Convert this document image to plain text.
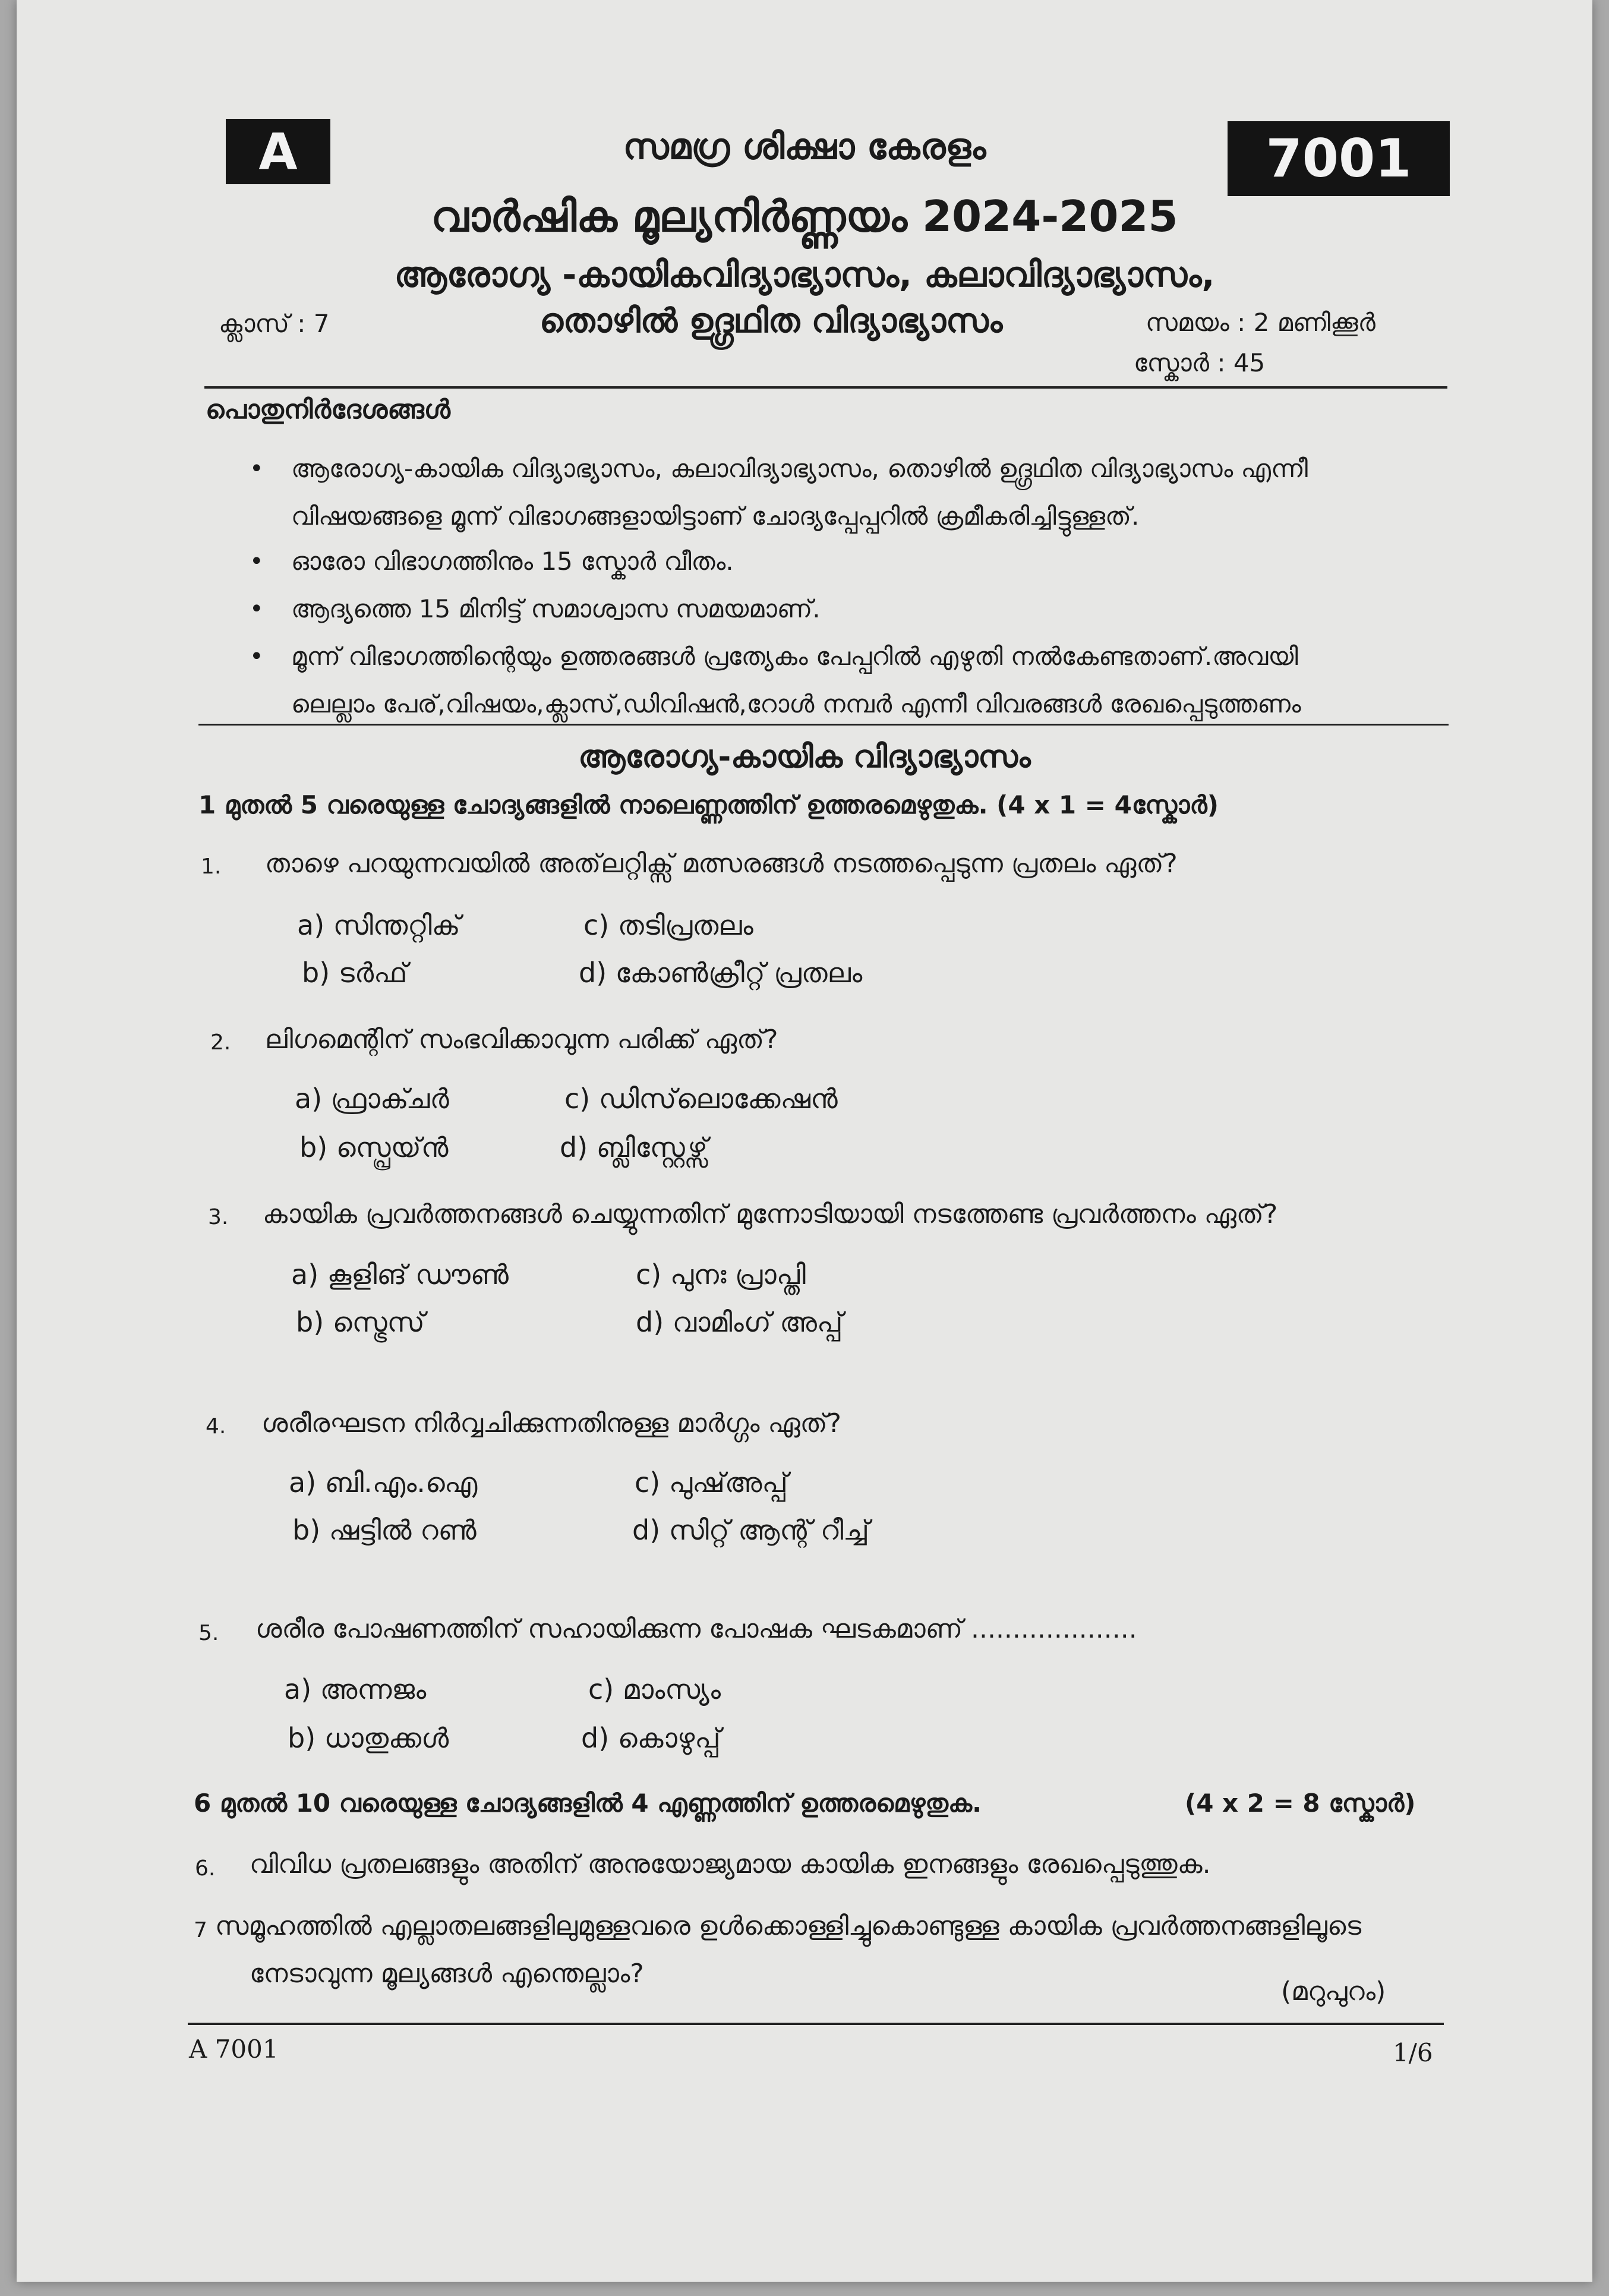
A	7001
സമഗ്ര ശിക്ഷാ കേരളം
വാർഷിക മൂല്യനിർണ്ണയം 2024-2025
ആരോഗ്യ -കായികവിദ്യാഭ്യാസം, കലാവിദ്യാഭ്യാസം,
തൊഴിൽ ഉദ്ഗ്രഥിത വിദ്യാഭ്യാസം
ക്ലാസ് : 7	സമയം : 2 മണിക്കൂർ
സ്കോർ : 45
പൊതുനിർദേശങ്ങൾ
• ആരോഗ്യ-കായിക വിദ്യാഭ്യാസം, കലാവിദ്യാഭ്യാസം, തൊഴിൽ ഉദ്ഗ്രഥിത വിദ്യാഭ്യാസം എന്നീ
വിഷയങ്ങളെ മൂന്ന് വിഭാഗങ്ങളായിട്ടാണ് ചോദ്യപ്പേപ്പറിൽ ക്രമീകരിച്ചിട്ടുള്ളത്.
• ഓരോ വിഭാഗത്തിനും 15 സ്കോർ വീതം.
• ആദ്യത്തെ 15 മിനിട്ട് സമാശ്വാസ സമയമാണ്.
• മൂന്ന് വിഭാഗത്തിന്റെയും ഉത്തരങ്ങൾ പ്രത്യേകം പേപ്പറിൽ എഴുതി നൽകേണ്ടതാണ്.അവയി
ലെല്ലാം പേര്,വിഷയം,ക്ലാസ്,ഡിവിഷൻ,റോൾ നമ്പർ എന്നീ വിവരങ്ങൾ രേഖപ്പെടുത്തണം
ആരോഗ്യ-കായിക വിദ്യാഭ്യാസം
1 മുതൽ 5 വരെയുള്ള ചോദ്യങ്ങളിൽ നാലെണ്ണത്തിന് ഉത്തരമെഴുതുക. (4 x 1 = 4സ്കോർ)
1. താഴെ പറയുന്നവയിൽ അത്‌ലറ്റിക്സ് മത്സരങ്ങൾ നടത്തപ്പെടുന്ന പ്രതലം ഏത്?
a) സിന്തറ്റിക്	c) തടിപ്രതലം
b) ടർഫ്	d) കോൺക്രീറ്റ് പ്രതലം
2. ലിഗമെന്റിന് സംഭവിക്കാവുന്ന പരിക്ക് ഏത്?
a) ഫ്രാക്ചർ	c) ഡിസ്‌ലൊക്കേഷൻ
b) സ്പ്രെയ്ൻ	d) ബ്ലിസ്റ്റേഴ്സ്
3. കായിക പ്രവർത്തനങ്ങൾ ചെയ്യുന്നതിന് മുന്നോടിയായി നടത്തേണ്ട പ്രവർത്തനം ഏത്?
a) കൂളിങ് ഡൗൺ	c) പുനഃ പ്രാപ്തി
b) സ്ട്രെസ്	d) വാമിംഗ് അപ്പ്
4. ശരീരഘടന നിർവ്വചിക്കുന്നതിനുള്ള മാർഗ്ഗം ഏത്?
a) ബി.എം.ഐ	c) പുഷ്അപ്പ്
b) ഷട്ടിൽ റൺ	d) സിറ്റ് ആന്റ് റീച്ച്
5. ശരീര പോഷണത്തിന് സഹായിക്കുന്ന പോഷക ഘടകമാണ് ....................
a) അന്നജം	c) മാംസ്യം
b) ധാതുക്കൾ	d) കൊഴുപ്പ്
6 മുതൽ 10 വരെയുള്ള ചോദ്യങ്ങളിൽ 4 എണ്ണത്തിന് ഉത്തരമെഴുതുക.	(4 x 2 = 8 സ്കോർ)
6. വിവിധ പ്രതലങ്ങളും അതിന് അനുയോജ്യമായ കായിക ഇനങ്ങളും രേഖപ്പെടുത്തുക.
7 സമൂഹത്തിൽ എല്ലാതലങ്ങളിലുമുള്ളവരെ ഉൾക്കൊള്ളിച്ചുകൊണ്ടുള്ള കായിക പ്രവർത്തനങ്ങളിലൂടെ
നേടാവുന്ന മൂല്യങ്ങൾ എന്തെല്ലാം?
(മറുപുറം)
A 7001	1/6
